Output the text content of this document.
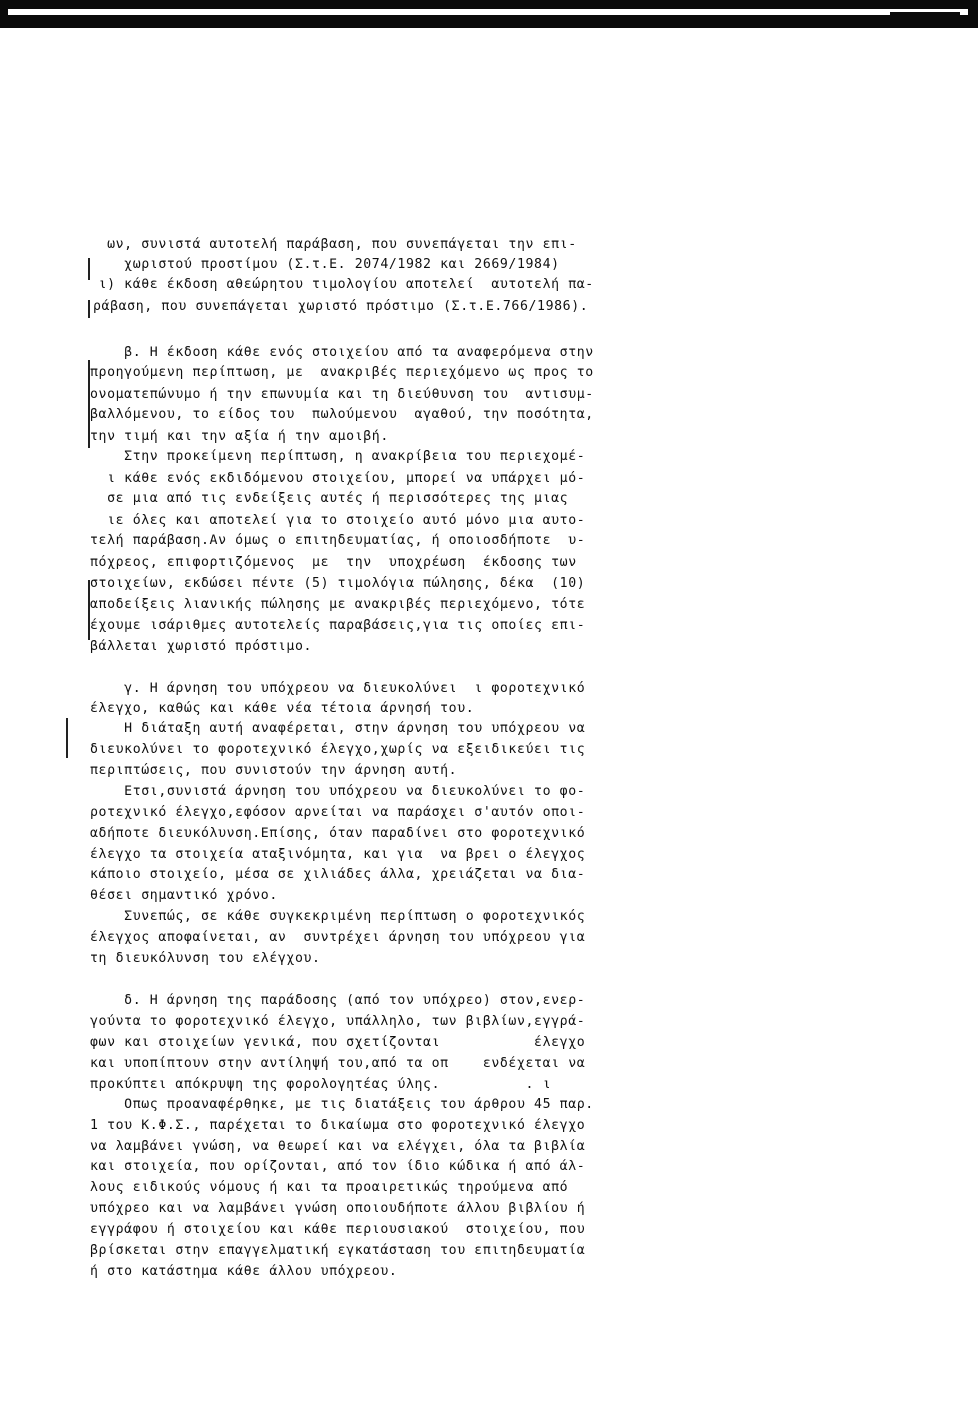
ων, συνιστά αυτοτελή παράβαση, που συνεπάγεται την επι-
χωριστού προστίμου (Σ.τ.Ε. 2074/1982 και 2669/1984)
ι) κάθε έκδοση αθεώρητου τιμολογίου αποτελεί  αυτοτελή πα-
ράβαση, που συνεπάγεται χωριστό πρόστιμο (Σ.τ.Ε.766/1986).
β. Η έκδοση κάθε ενός στοιχείου από τα αναφερόμενα στην
προηγούμενη περίπτωση, με  ανακριβές περιεχόμενο ως προς το
ονοματεπώνυμο ή την επωνυμία και τη διεύθυνση του  αντισυμ-
βαλλόμενου, το είδος του  πωλούμενου  αγαθού, την ποσότητα,
την τιμή και την αξία ή την αμοιβή.
Στην προκείμενη περίπτωση, η ανακρίβεια του περιεχομέ-
ι κάθε ενός εκδιδόμενου στοιχείου, μπορεί να υπάρχει μό-
σε μια από τις ενδείξεις αυτές ή περισσότερες της μιας
ιε όλες και αποτελεί για το στοιχείο αυτό μόνο μια αυτο-
τελή παράβαση.Αν όμως ο επιτηδευματίας, ή οποιοσδήποτε  υ-
πόχρεος, επιφορτιζόμενος  με  την  υποχρέωση  έκδοσης των
στοιχείων, εκδώσει πέντε (5) τιμολόγια πώλησης, δέκα  (10)
αποδείξεις λιανικής πώλησης με ανακριβές περιεχόμενο, τότε
έχουμε ισάριθμες αυτοτελείς παραβάσεις,για τις οποίες επι-
βάλλεται χωριστό πρόστιμο.
γ. Η άρνηση του υπόχρεου να διευκολύνει  ι φοροτεχνικό
έλεγχο, καθώς και κάθε νέα τέτοια άρνησή του.
Η διάταξη αυτή αναφέρεται, στην άρνηση του υπόχρεου να
διευκολύνει το φοροτεχνικό έλεγχο,χωρίς να εξειδικεύει τις
περιπτώσεις, που συνιστούν την άρνηση αυτή.
Ετσι,συνιστά άρνηση του υπόχρεου να διευκολύνει το φο-
ροτεχνικό έλεγχο,εφόσον αρνείται να παράσχει σ'αυτόν οποι-
αδήποτε διευκόλυνση.Επίσης, όταν παραδίνει στο φοροτεχνικό
έλεγχο τα στοιχεία αταξινόμητα, και για  να βρει ο έλεγχος
κάποιο στοιχείο, μέσα σε χιλιάδες άλλα, χρειάζεται να δια-
θέσει σημαντικό χρόνο.
Συνεπώς, σε κάθε συγκεκριμένη περίπτωση ο φοροτεχνικός
έλεγχος αποφαίνεται, αν  συντρέχει άρνηση του υπόχρεου για
τη διευκόλυνση του ελέγχου.
δ. Η άρνηση της παράδοσης (από τον υπόχρεο) στον,ενερ-
γούντα το φοροτεχνικό έλεγχο, υπάλληλο, των βιβλίων,εγγρά-
φων και στοιχείων γενικά, που σχετίζονται           έλεγχο
και υποπίπτουν στην αντίληψή του,από τα οπ    ενδέχεται να
προκύπτει απόκρυψη της φορολογητέας ύλης.          . ι
Οπως προαναφέρθηκε, με τις διατάξεις του άρθρου 45 παρ.
1 του Κ.Φ.Σ., παρέχεται το δικαίωμα στο φοροτεχνικό έλεγχο
να λαμβάνει γνώση, να θεωρεί και να ελέγχει, όλα τα βιβλία
και στοιχεία, που ορίζονται, από τον ίδιο κώδικα ή από άλ-
λους ειδικούς νόμους ή και τα προαιρετικώς τηρούμενα από
υπόχρεο και να λαμβάνει γνώση οποιουδήποτε άλλου βιβλίου ή
εγγράφου ή στοιχείου και κάθε περιουσιακού  στοιχείου, που
βρίσκεται στην επαγγελματική εγκατάσταση του επιτηδευματία
ή στο κατάστημα κάθε άλλου υπόχρεου.
